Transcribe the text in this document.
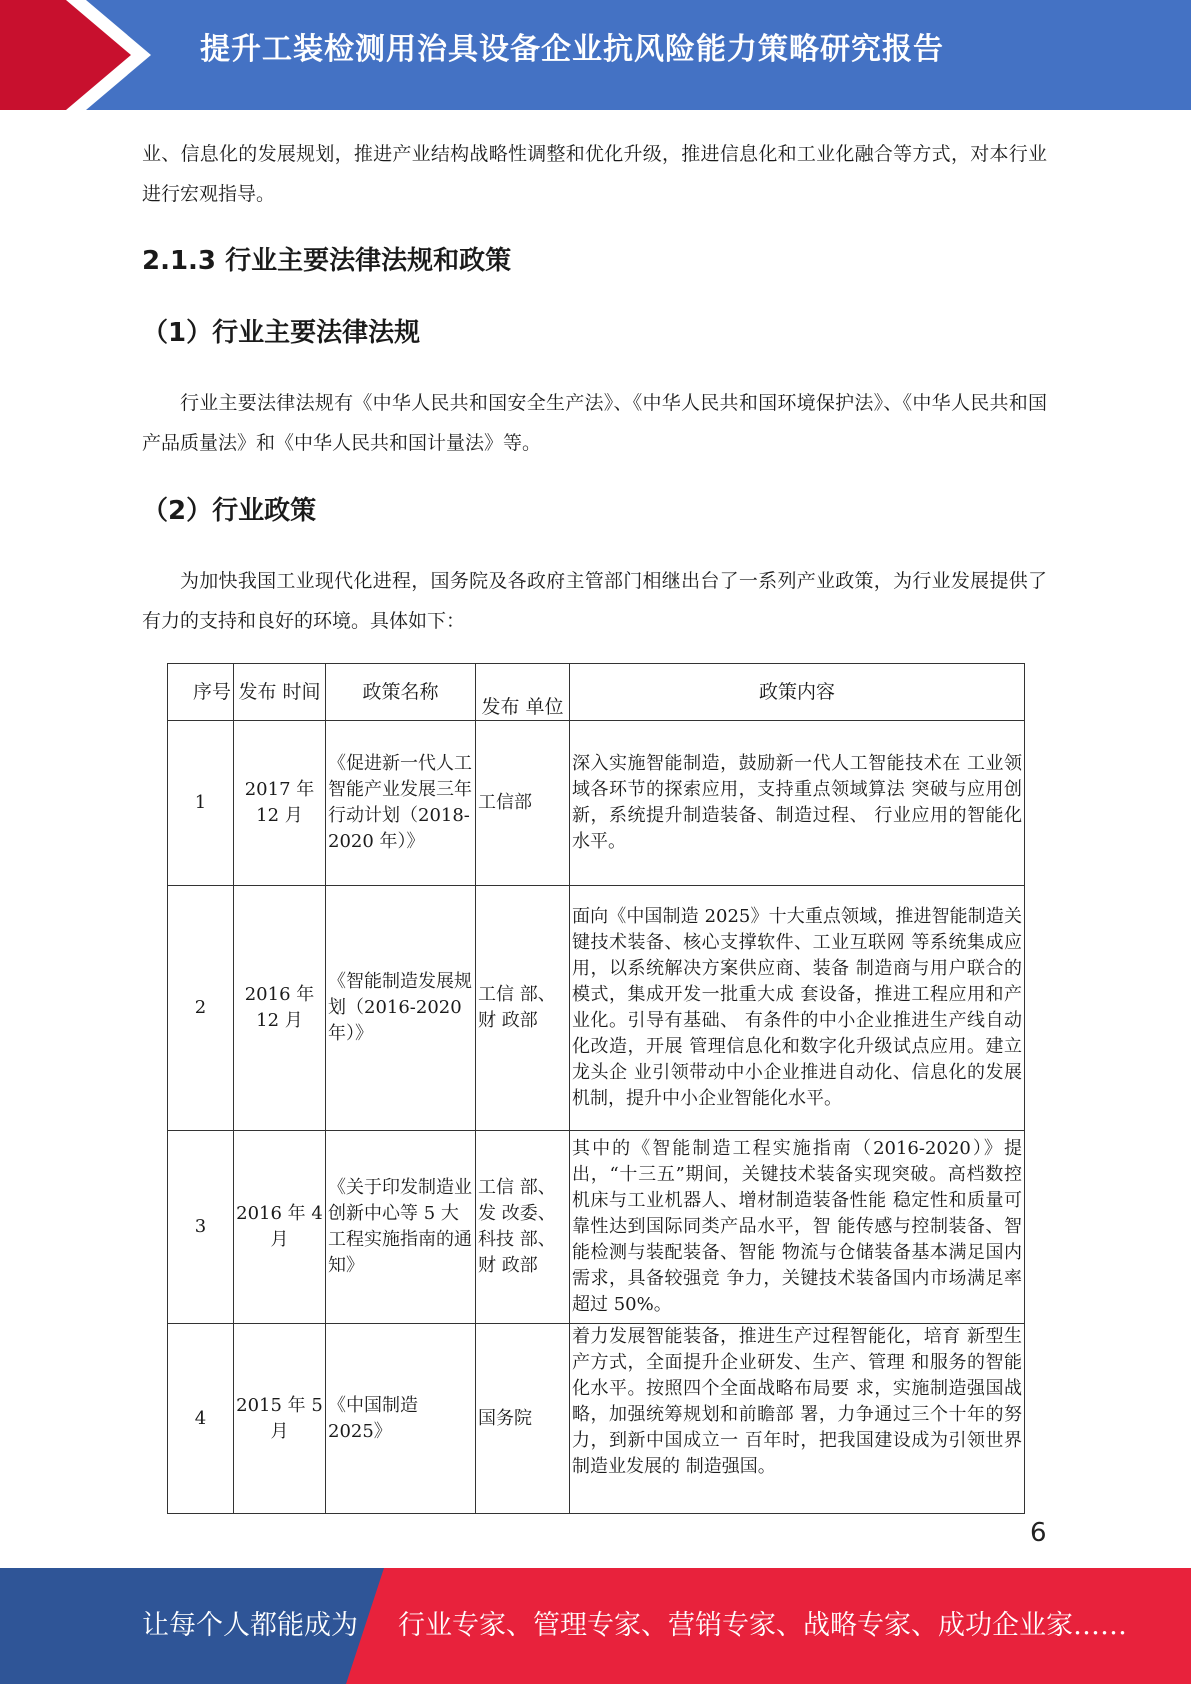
提升工装检测用治具设备企业抗风险能力策略研究报告

业、信息化的发展规划，推进产业结构战略性调整和优化升级，推进信息化和工业化融合等方式，对本行业进行宏观指导。

2.1.3 行业主要法律法规和政策
（1）行业主要法律法规

行业主要法律法规有《中华人民共和国安全生产法》、《中华人民共和国环境保护法》、《中华人民共和国产品质量法》和《中华人民共和国计量法》等。

（2）行业政策

为加快我国工业现代化进程，国务院及各政府主管部门相继出台了一系列产业政策，为行业发展提供了有力的支持和良好的环境。具体如下：

序号	发布 时间	政策名称	发布 单位	政策内容
1	2017 年 12 月	《促进新一代人工智能产业发展三年行动计划（2018-2020 年）》	工信部	深入实施智能制造，鼓励新一代人工智能技术在 工业领域各环节的探索应用，支持重点领域算法 突破与应用创新，系统提升制造装备、制造过程、 行业应用的智能化水平。
2	2016 年 12 月	《智能制造发展规划（2016-2020 年）》	工信 部、财 政部	面向《中国制造 2025》十大重点领域，推进智能制造关键技术装备、核心支撑软件、工业互联网 等系统集成应用，以系统解决方案供应商、装备 制造商与用户联合的模式，集成开发一批重大成 套设备，推进工程应用和产业化。引导有基础、 有条件的中小企业推进生产线自动化改造，开展 管理信息化和数字化升级试点应用。建立龙头企 业引领带动中小企业推进自动化、信息化的发展 机制，提升中小企业智能化水平。
3	2016 年 4 月	《关于印发制造业创新中心等 5 大工程实施指南的通知》	工信 部、发 改委、科技 部、财 政部	其中的《智能制造工程实施指南（2016-2020）》提出，“十三五”期间，关键技术装备实现突破。高档数控机床与工业机器人、增材制造装备性能 稳定性和质量可靠性达到国际同类产品水平，智 能传感与控制装备、智能检测与装配装备、智能 物流与仓储装备基本满足国内需求，具备较强竞 争力，关键技术装备国内市场满足率超过 50%。
4	2015 年 5 月	《中国制造 2025》	国务院	着力发展智能装备，推进生产过程智能化，培育 新型生产方式，全面提升企业研发、生产、管理 和服务的智能化水平。按照四个全面战略布局要 求，实施制造强国战略，加强统筹规划和前瞻部 署，力争通过三个十年的努力，到新中国成立一 百年时，把我国建设成为引领世界制造业发展的 制造强国。
6
让每个人都能成为 行业专家、管理专家、营销专家、战略专家、成功企业家……
